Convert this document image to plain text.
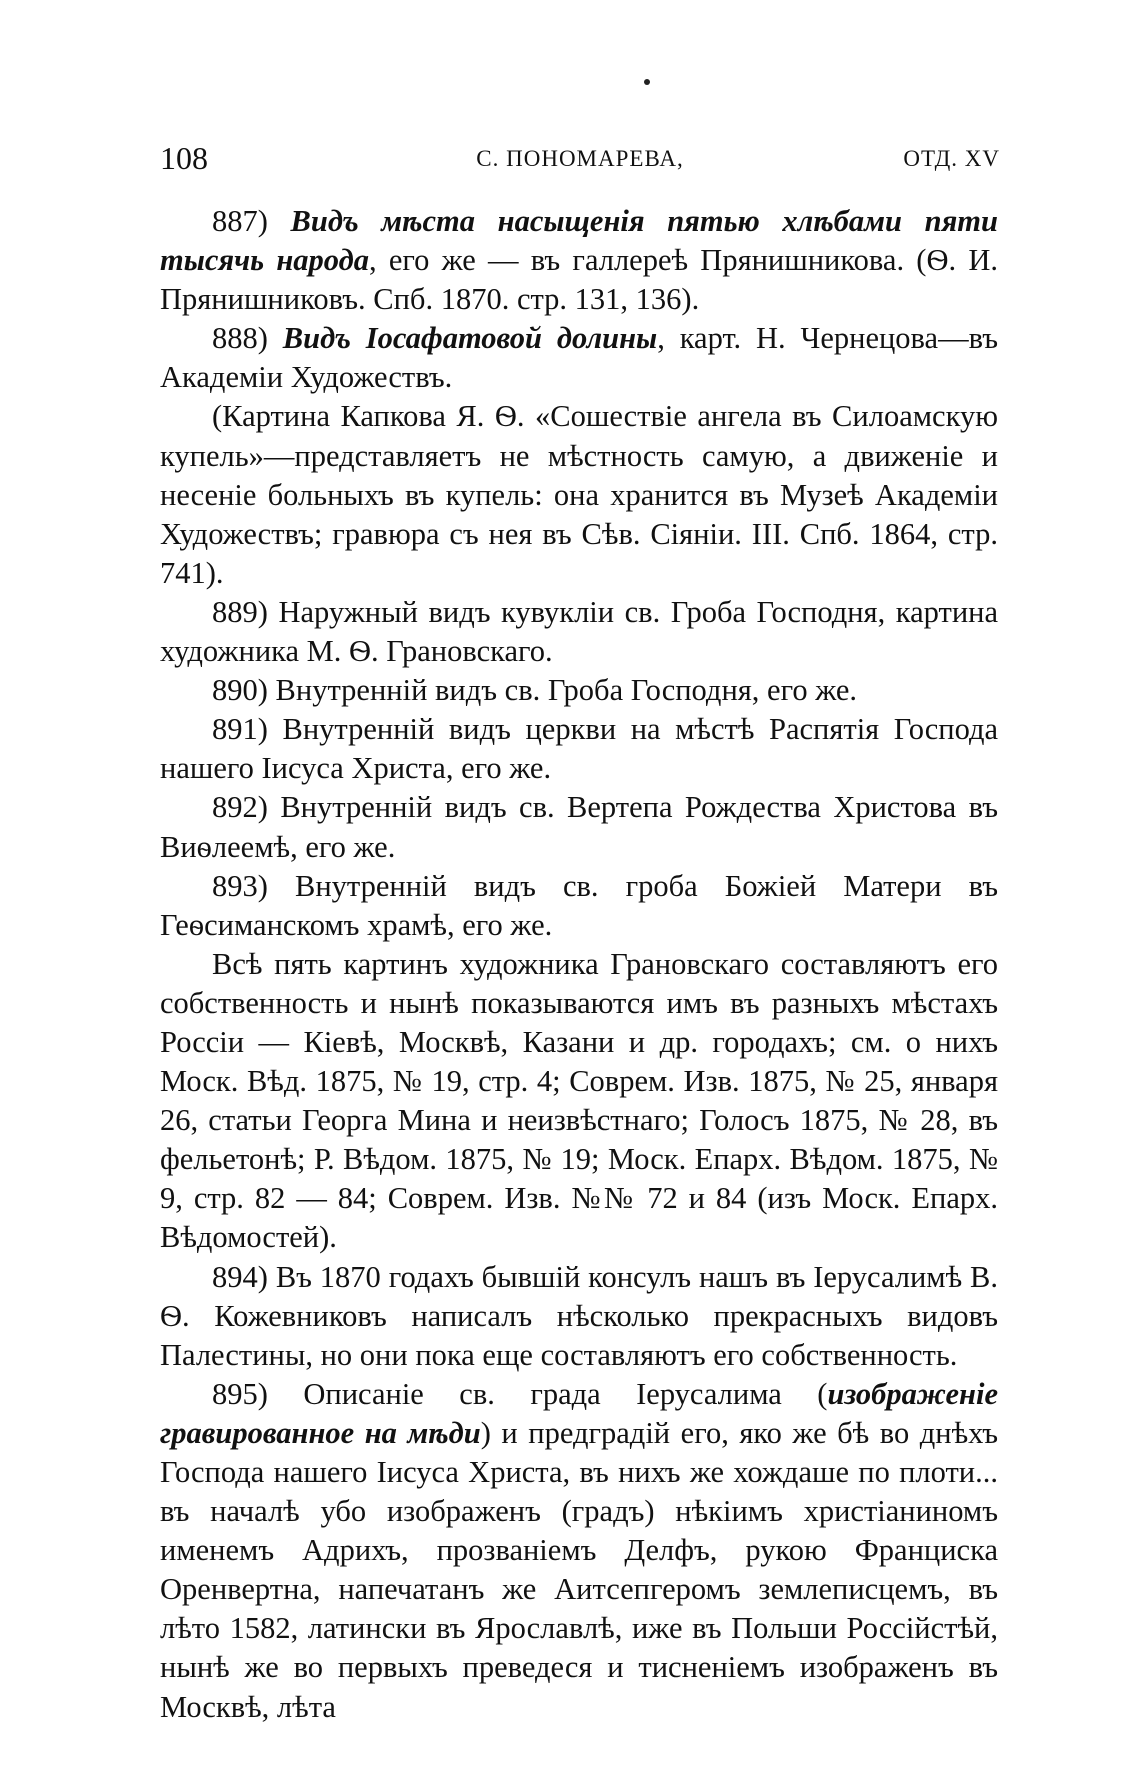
108	С. ПОНОМАРЕВА,	ОТД. XV

887) Видъ мѣста насыщенія пятью хлѣбами пяти тысячь народа, его же — въ галлереѣ Прянишникова. (Ѳ. И. Прянишниковъ. Спб. 1870. стр. 131, 136).

888) Видъ Іосафатовой долины, карт. Н. Чернецова—въ Академіи Художествъ.

(Картина Капкова Я. Ѳ. «Сошествіе ангела въ Силоамскую купель»—представляетъ не мѣстность самую, а движеніе и несеніе больныхъ въ купель: она хранится въ Музеѣ Академіи Художествъ; гравюра съ нея въ Сѣв. Сіяніи. III. Спб. 1864, стр. 741).

889) Наружный видъ кувукліи св. Гроба Господня, картина художника М. Ѳ. Грановскаго.

890) Внутренній видъ св. Гроба Господня, его же.

891) Внутренній видъ церкви на мѣстѣ Распятія Господа нашего Іисуса Христа, его же.

892) Внутренній видъ св. Вертепа Рождества Христова въ Виѳлеемѣ, его же.

893) Внутренній видъ св. гроба Божіей Матери въ Геѳсиманскомъ храмѣ, его же.

Всѣ пять картинъ художника Грановскаго составляютъ его собственность и нынѣ показываются имъ въ разныхъ мѣстахъ Россіи — Кіевѣ, Москвѣ, Казани и др. городахъ; см. о нихъ Моск. Вѣд. 1875, № 19, стр. 4; Соврем. Изв. 1875, № 25, января 26, статьи Георга Мина и неизвѣстнаго; Голосъ 1875, № 28, въ фельетонѣ; Р. Вѣдом. 1875, № 19; Моск. Епарх. Вѣдом. 1875, № 9, стр. 82 — 84; Соврем. Изв. №№ 72 и 84 (изъ Моск. Епарх. Вѣдомостей).

894) Въ 1870 годахъ бывшій консулъ нашъ въ Іерусалимѣ В. Ѳ. Кожевниковъ написалъ нѣсколько прекрасныхъ видовъ Палестины, но они пока еще составляютъ его собственность.

895) Описаніе св. града Іерусалима (изображеніе гравированное на мѣди) и предградій его, яко же бѣ во днѣхъ Господа нашего Іисуса Христа, въ нихъ же хождаше по плоти... въ началѣ убо изображенъ (градъ) нѣкіимъ христіаниномъ именемъ Адрихъ, прозваніемъ Делфъ, рукою Франциска Оренвертна, напечатанъ же Аитсепгеромъ землеписцемъ, въ лѣто 1582, латински въ Ярославлѣ, иже въ Польши Россійстѣй, нынѣ же во первыхъ преведеся и тисненіемъ изображенъ въ Москвѣ, лѣта
